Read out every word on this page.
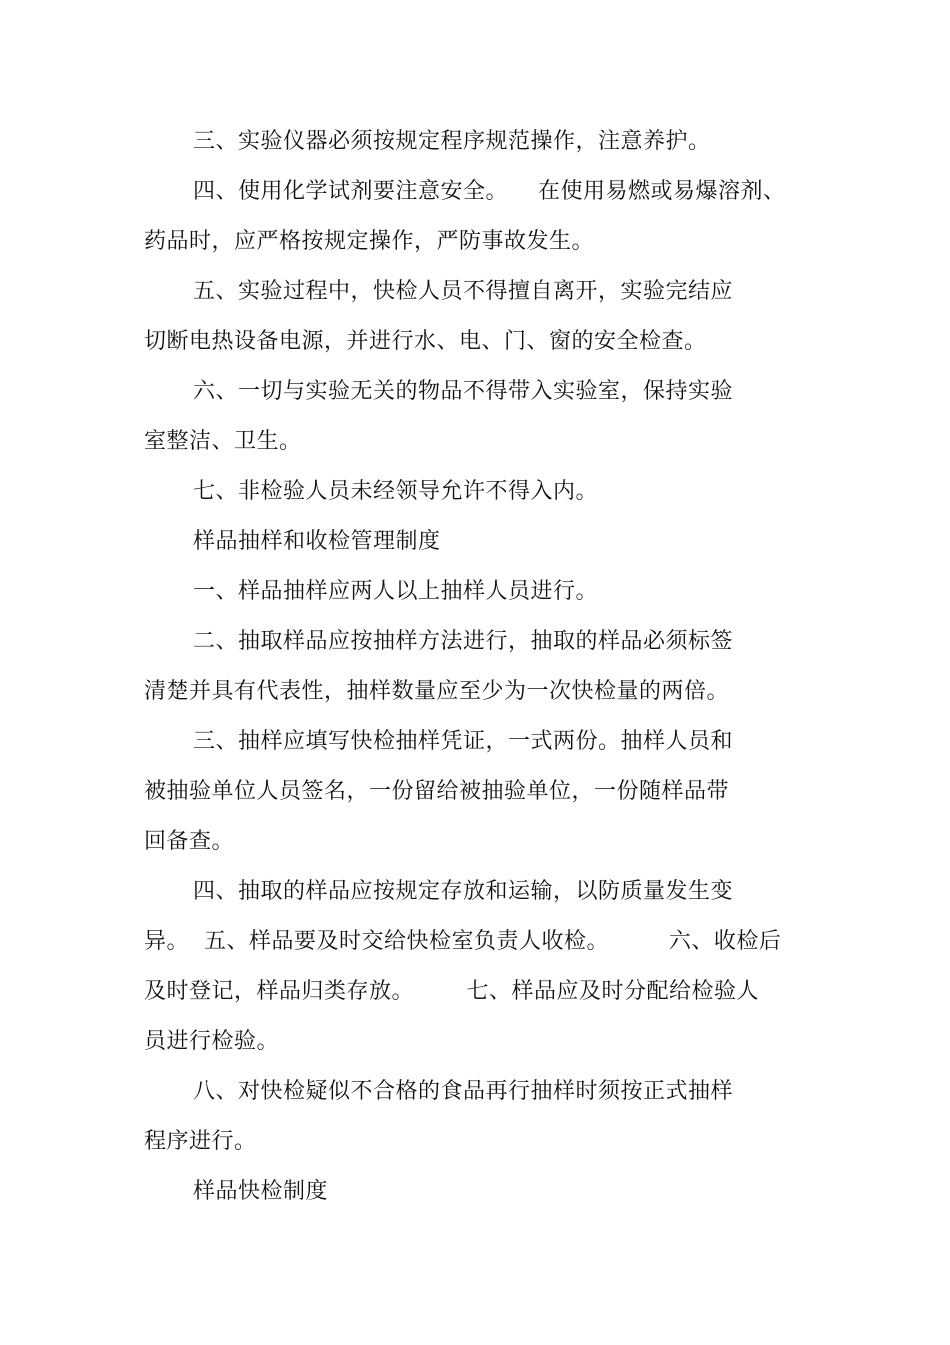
三、实验仪器必须按规定程序规范操作，注意养护。
四、使用化学试剂要注意安全。    在使用易燃或易爆溶剂、
药品时，应严格按规定操作，严防事故发生。
五、实验过程中，快检人员不得擅自离开，实验完结应
切断电热设备电源，并进行水、电、门、窗的安全检查。
六、一切与实验无关的物品不得带入实验室，保持实验
室整洁、卫生。
七、非检验人员未经领导允许不得入内。
样品抽样和收检管理制度
一、样品抽样应两人以上抽样人员进行。
二、抽取样品应按抽样方法进行，抽取的样品必须标签
清楚并具有代表性，抽样数量应至少为一次快检量的两倍。
三、抽样应填写快检抽样凭证，一式两份。抽样人员和
被抽验单位人员签名，一份留给被抽验单位，一份随样品带
回备查。
四、抽取的样品应按规定存放和运输，以防质量发生变
异。  五、样品要及时交给快检室负责人收检。        六、收检后
及时登记，样品归类存放。       七、样品应及时分配给检验人
员进行检验。
八、对快检疑似不合格的食品再行抽样时须按正式抽样
程序进行。
样品快检制度
